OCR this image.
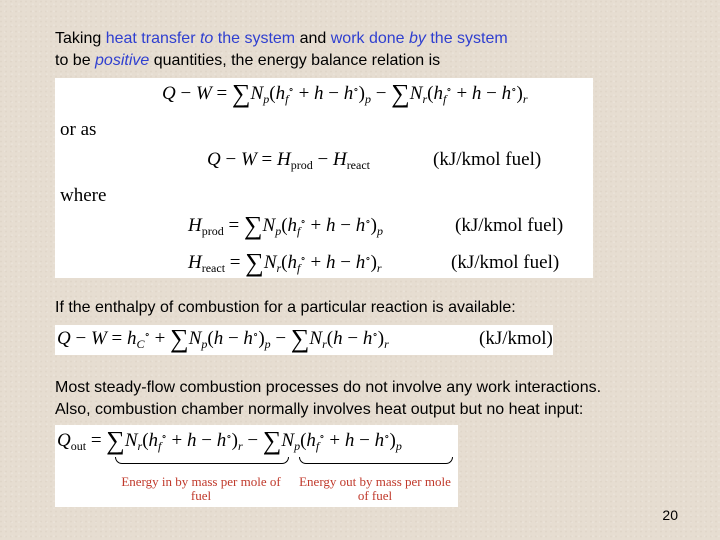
Taking heat transfer to the system and work done by the system

to be positive quantities, the energy balance relation is

$Q - W = \sum N_p(h_f^\circ + h - h^\circ)_p - \sum N_r(h_f^\circ + h - h^\circ)_r$
or as
$Q - W = H_{prod} - H_{react}$	(kJ/kmol fuel)
where
$H_{prod} = \sum N_p(h_f^\circ + h - h^\circ)_p$	(kJ/kmol fuel)
$H_{react} = \sum N_r(h_f^\circ + h - h^\circ)_r$	(kJ/kmol fuel)

If the enthalpy of combustion for a particular reaction is available:

$Q - W = h_C^\circ + \sum N_p(h - h^\circ)_p - \sum N_r(h - h^\circ)_r$	(kJ/kmol)

Most steady-flow combustion processes do not involve any work interactions.

Also, combustion chamber normally involves heat output but no heat input:

$Q_{out} = \sum N_r(h_f^\circ + h - h^\circ)_r - \sum N_p(h_f^\circ + h - h^\circ)_p$
Energy in by mass per mole of fuel
Energy out by mass per mole of fuel
20
